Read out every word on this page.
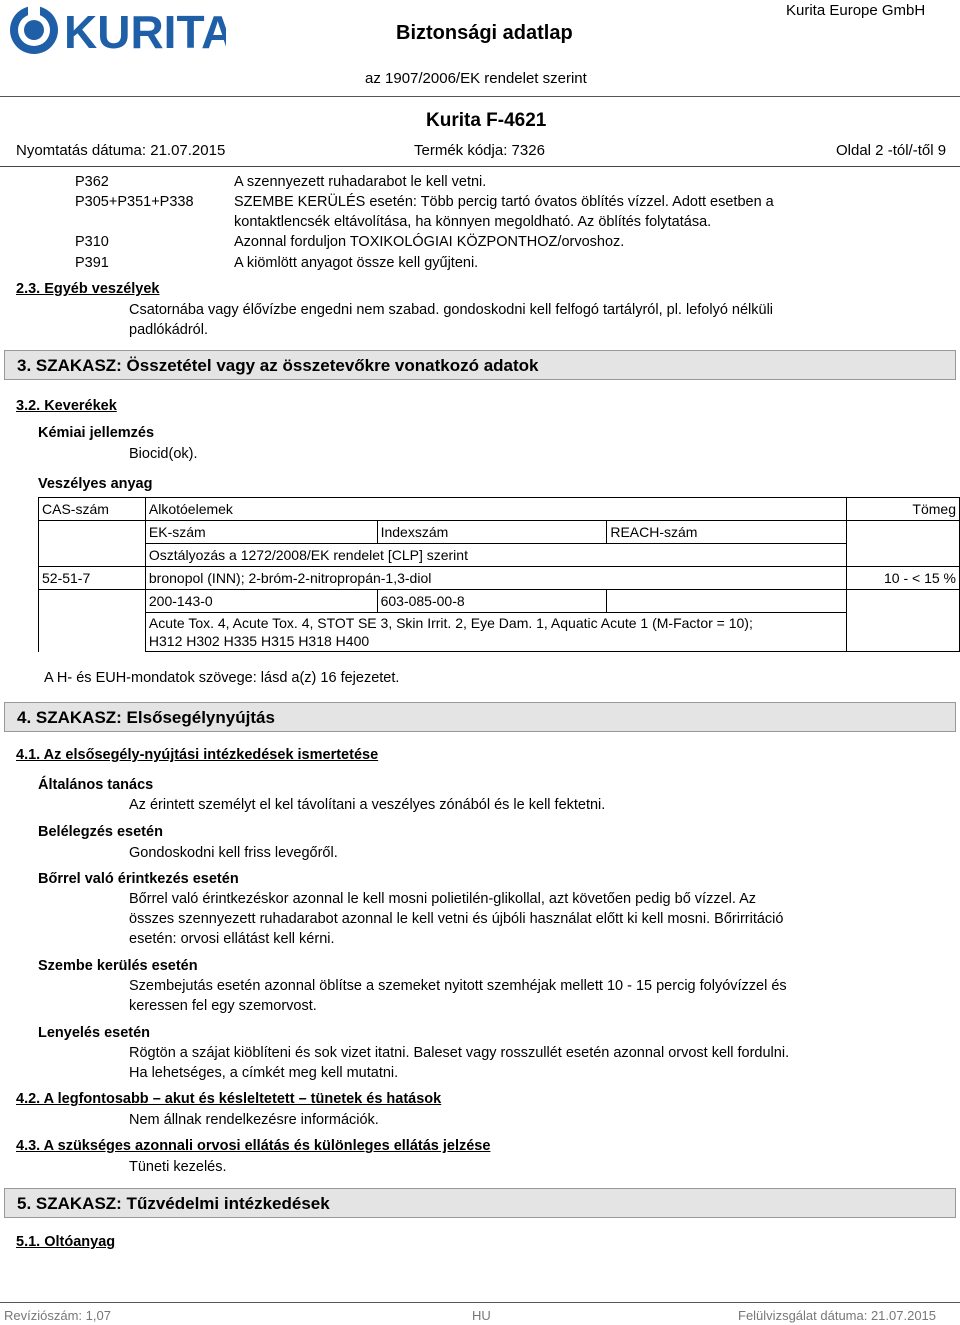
KURITA	Biztonsági adatlap
Kurita Europe GmbH
az 1907/2006/EK rendelet szerint
Kurita F-4621
Nyomtatás dátuma: 21.07.2015	Termék kódja: 7326	Oldal 2 -tól/-től 9
P362	A szennyezett ruhadarabot le kell vetni.
P305+P351+P338	SZEMBE KERÜLÉS esetén: Több percig tartó óvatos öblítés vízzel. Adott esetben a
kontaktlencsék eltávolítása, ha könnyen megoldható. Az öblítés folytatása.
P310	Azonnal forduljon TOXIKOLÓGIAI KÖZPONTHOZ/orvoshoz.
P391	A kiömlött anyagot össze kell gyűjteni.
2.3. Egyéb veszélyek
Csatornába vagy élővízbe engedni nem szabad. gondoskodni kell felfogó tartályról, pl. lefolyó nélküli
padlókádról.
3. SZAKASZ: Összetétel vagy az összetevőkre vonatkozó adatok
3.2. Keverékek
Kémiai jellemzés
Biocid(ok).
Veszélyes anyag
CAS-szám	Alkotóelemek			Tömeg
	EK-szám	Indexszám	REACH-szám	
	Osztályozás a 1272/2008/EK rendelet [CLP] szerint			
52-51-7	bronopol (INN); 2-bróm-2-nitropropán-1,3-diol			10 - < 15 %
	200-143-0	603-085-00-8		

	Acute Tox. 4, Acute Tox. 4, STOT SE 3, Skin Irrit. 2, Eye Dam. 1, Aquatic Acute 1 (M-Factor = 10);
H312 H302 H335 H315 H318 H400			

A H- és EUH-mondatok szövege: lásd a(z) 16 fejezetet.
4. SZAKASZ: Elsősegélynyújtás
4.1. Az elsősegély-nyújtási intézkedések ismertetése
Általános tanács
Az érintett személyt el kel távolítani a veszélyes zónából és le kell fektetni.
Belélegzés esetén
Gondoskodni kell friss levegőről.
Bőrrel való érintkezés esetén
Bőrrel való érintkezéskor azonnal le kell mosni polietilén-glikollal, azt követően pedig bő vízzel. Az
összes szennyezett ruhadarabot azonnal le kell vetni és újbóli használat előtt ki kell mosni. Bőrirritáció
esetén: orvosi ellátást kell kérni.
Szembe kerülés esetén
Szembejutás esetén azonnal öblítse a szemeket nyitott szemhéjak mellett 10 - 15 percig folyóvízzel és
keressen fel egy szemorvost.
Lenyelés esetén
Rögtön a szájat kiöblíteni és sok vizet itatni. Baleset vagy rosszullét esetén azonnal orvost kell fordulni.
Ha lehetséges, a címkét meg kell mutatni.
4.2. A legfontosabb – akut és késleltetett – tünetek és hatások
Nem állnak rendelkezésre információk.
4.3. A szükséges azonnali orvosi ellátás és különleges ellátás jelzése
Tüneti kezelés.
5. SZAKASZ: Tűzvédelmi intézkedések
5.1. Oltóanyag
Revíziószám: 1,07	HU	Felülvizsgálat dátuma: 21.07.2015
